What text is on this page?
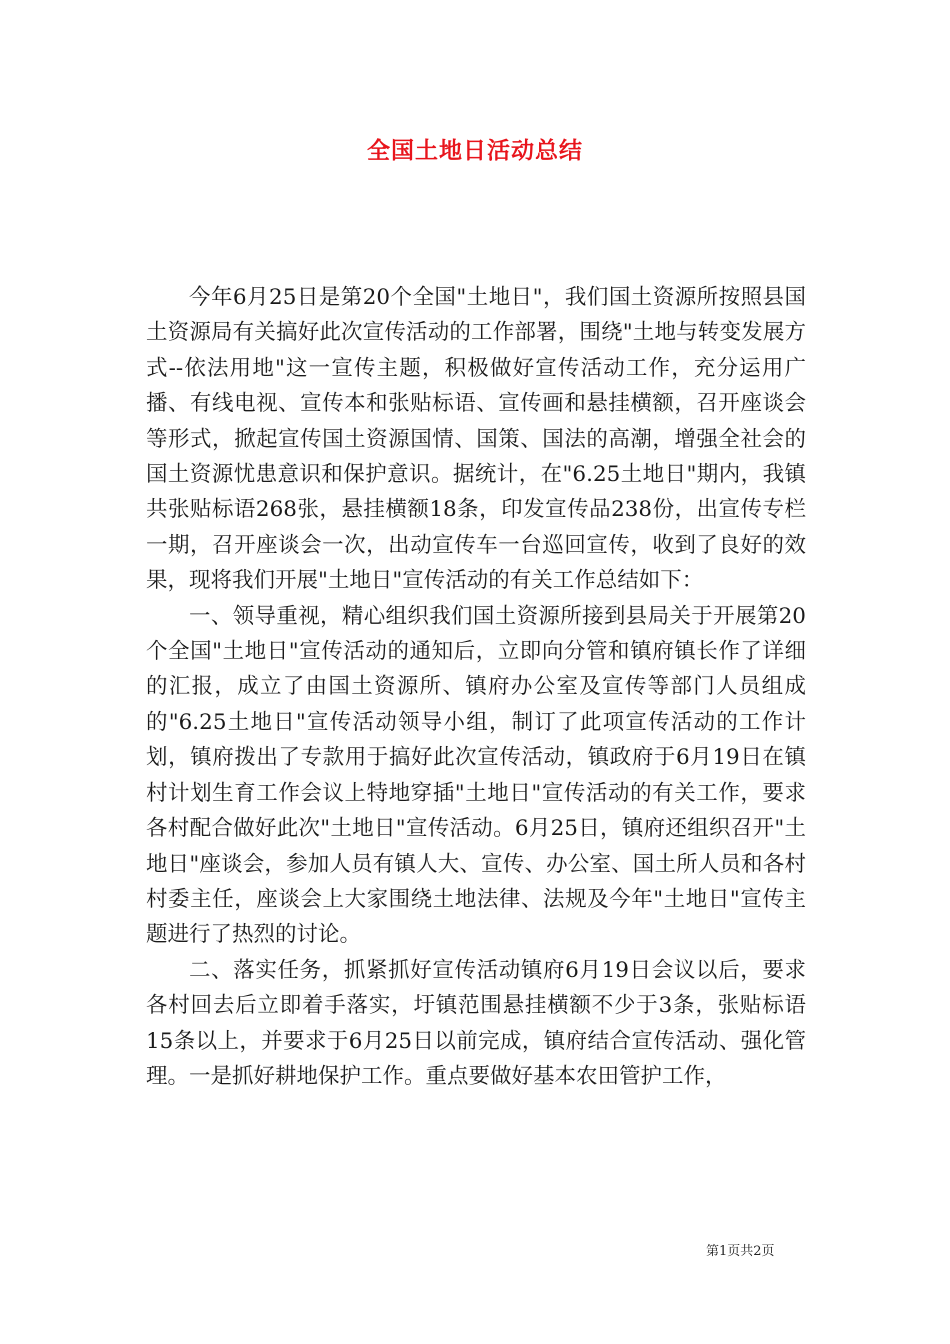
全国土地日活动总结

今年6月25日是第20个全国"土地日"，我们国土资源所按照县国土资源局有关搞好此次宣传活动的工作部署，围绕"土地与转变发展方式--依法用地"这一宣传主题，积极做好宣传活动工作，充分运用广播、有线电视、宣传本和张贴标语、宣传画和悬挂横额，召开座谈会等形式，掀起宣传国土资源国情、国策、国法的高潮，增强全社会的国土资源忧患意识和保护意识。据统计，在"6.25土地日"期内，我镇共张贴标语268张，悬挂横额18条，印发宣传品238份，出宣传专栏一期，召开座谈会一次，出动宣传车一台巡回宣传，收到了良好的效果，现将我们开展"土地日"宣传活动的有关工作总结如下：

一、领导重视，精心组织我们国土资源所接到县局关于开展第20个全国"土地日"宣传活动的通知后，立即向分管和镇府镇长作了详细的汇报，成立了由国土资源所、镇府办公室及宣传等部门人员组成的"6.25土地日"宣传活动领导小组，制订了此项宣传活动的工作计划，镇府拨出了专款用于搞好此次宣传活动，镇政府于6月19日在镇村计划生育工作会议上特地穿插"土地日"宣传活动的有关工作，要求各村配合做好此次"土地日"宣传活动。6月25日，镇府还组织召开"土地日"座谈会，参加人员有镇人大、宣传、办公室、国土所人员和各村村委主任，座谈会上大家围绕土地法律、法规及今年"土地日"宣传主题进行了热烈的讨论。

二、落实任务，抓紧抓好宣传活动镇府6月19日会议以后，要求各村回去后立即着手落实，圩镇范围悬挂横额不少于3条，张贴标语15条以上，并要求于6月25日以前完成，镇府结合宣传活动、强化管理。一是抓好耕地保护工作。重点要做好基本农田管护工作，

第1页共2页
